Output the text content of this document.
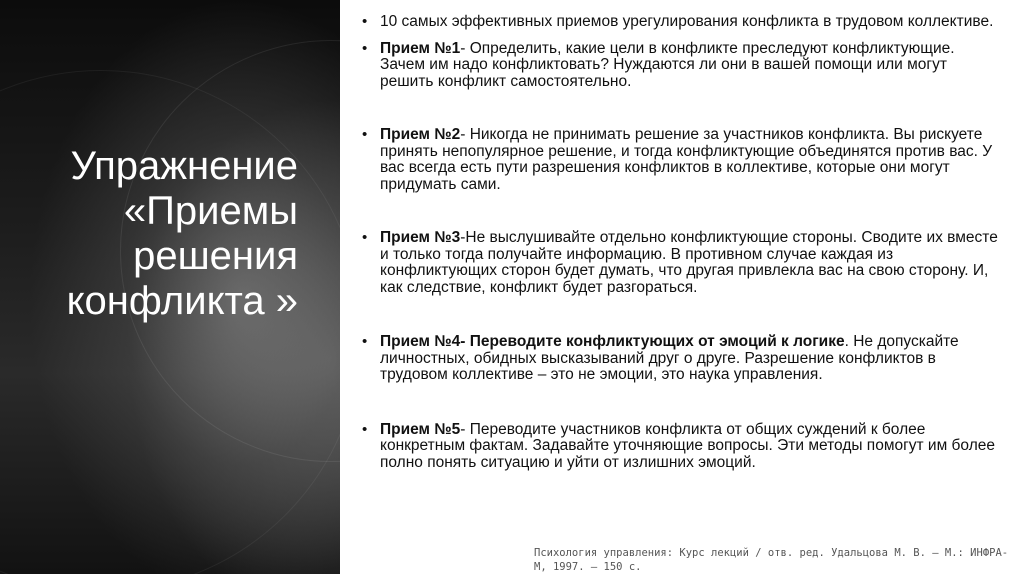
Упражнение
«Приемы
решения
конфликта »
• 10 самых эффективных приемов урегулирования конфликта в трудовом коллективе.
• Прием №1- Определить, какие цели в конфликте преследуют конфликтующие. Зачем им надо конфликтовать? Нуждаются ли они в вашей помощи или могут решить конфликт самостоятельно.
• Прием №2- Никогда не принимать решение за участников конфликта. Вы рискуете принять непопулярное решение, и тогда конфликтующие объединятся против вас. У вас всегда есть пути разрешения конфликтов в коллективе, которые они могут придумать сами.
• Прием №3-Не выслушивайте отдельно конфликтующие стороны. Сводите их вместе и только тогда получайте информацию. В противном случае каждая из конфликтующих сторон будет думать, что другая привлекла вас на свою сторону. И, как следствие, конфликт будет разгораться.
• Прием №4- Переводите конфликтующих от эмоций к логике. Не допускайте личностных, обидных высказываний друг о друге. Разрешение конфликтов в трудовом коллективе – это не эмоции, это наука управления.
• Прием №5- Переводите участников конфликта от общих суждений к более конкретным фактам. Задавайте уточняющие вопросы. Эти методы помогут им более полно понять ситуацию и уйти от излишних эмоций.
Психология управления: Курс лекций / отв. ред. Удальцова М. В. — М.: ИНФРА-М, 1997. — 150 с.
